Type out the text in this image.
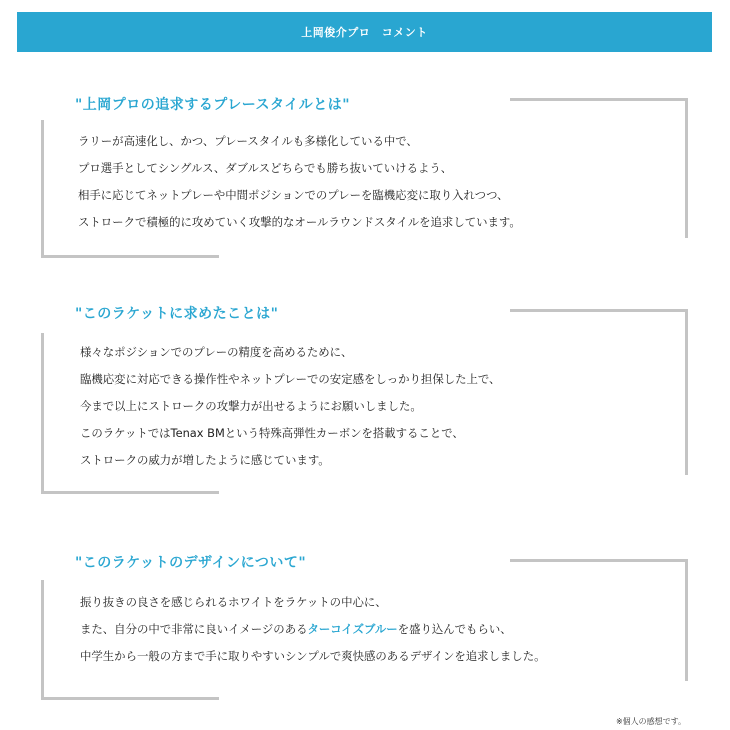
上岡俊介プロ　コメント
"上岡プロの追求するプレースタイルとは"
ラリーが高速化し、かつ、プレースタイルも多様化している中で、
プロ選手としてシングルス、ダブルスどちらでも勝ち抜いていけるよう、
相手に応じてネットプレーや中間ポジションでのプレーを臨機応変に取り入れつつ、
ストロークで積極的に攻めていく攻撃的なオールラウンドスタイルを追求しています。
"このラケットに求めたことは"
様々なポジションでのプレーの精度を高めるために、
臨機応変に対応できる操作性やネットプレーでの安定感をしっかり担保した上で、
今まで以上にストロークの攻撃力が出せるようにお願いしました。
このラケットではTenax BMという特殊高弾性カーボンを搭載することで、
ストロークの威力が増したように感じています。
"このラケットのデザインについて"
振り抜きの良さを感じられるホワイトをラケットの中心に、
また、自分の中で非常に良いイメージのあるターコイズブルーを盛り込んでもらい、
中学生から一般の方まで手に取りやすいシンプルで爽快感のあるデザインを追求しました。
※個人の感想です。
